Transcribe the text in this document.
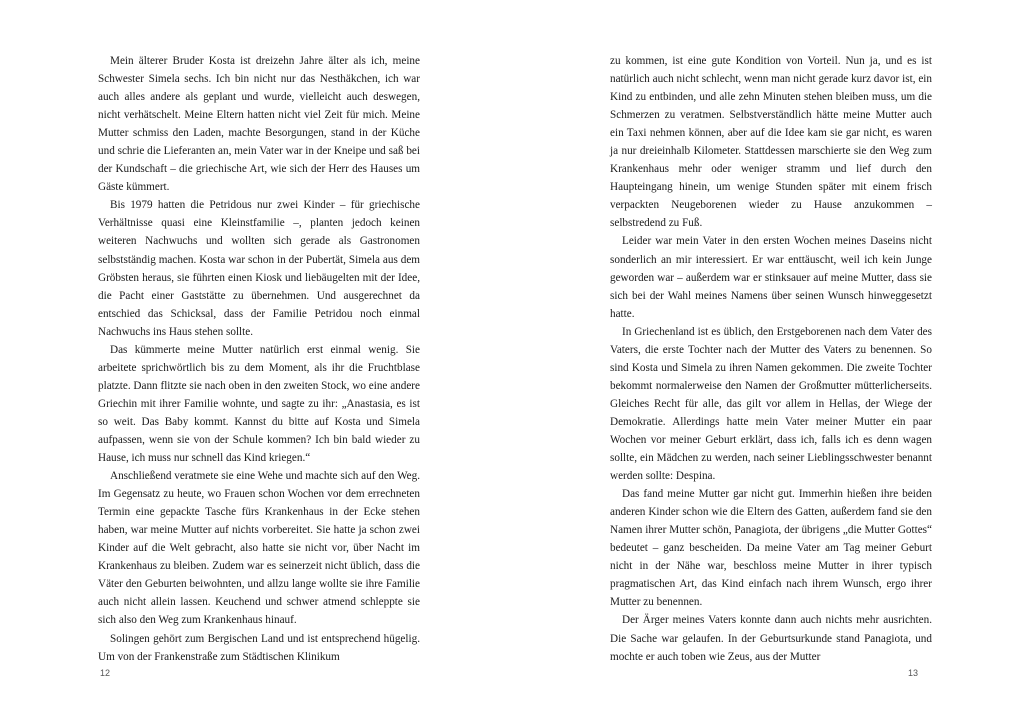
Mein älterer Bruder Kosta ist dreizehn Jahre älter als ich, meine Schwester Simela sechs. Ich bin nicht nur das Nesthäkchen, ich war auch alles andere als geplant und wurde, vielleicht auch deswegen, nicht verhätschelt. Meine Eltern hatten nicht viel Zeit für mich. Meine Mutter schmiss den Laden, machte Besorgungen, stand in der Küche und schrie die Lieferanten an, mein Vater war in der Kneipe und saß bei der Kundschaft – die griechische Art, wie sich der Herr des Hauses um Gäste kümmert.

Bis 1979 hatten die Petridous nur zwei Kinder – für griechische Verhältnisse quasi eine Kleinstfamilie –, planten jedoch keinen weiteren Nachwuchs und wollten sich gerade als Gastronomen selbstständig machen. Kosta war schon in der Pubertät, Simela aus dem Gröbsten heraus, sie führten einen Kiosk und liebäugelten mit der Idee, die Pacht einer Gaststätte zu übernehmen. Und ausgerechnet da entschied das Schicksal, dass der Familie Petridou noch einmal Nachwuchs ins Haus stehen sollte.

Das kümmerte meine Mutter natürlich erst einmal wenig. Sie arbeitete sprichwörtlich bis zu dem Moment, als ihr die Fruchtblase platzte. Dann flitzte sie nach oben in den zweiten Stock, wo eine andere Griechin mit ihrer Familie wohnte, und sagte zu ihr: „Anastasia, es ist so weit. Das Baby kommt. Kannst du bitte auf Kosta und Simela aufpassen, wenn sie von der Schule kommen? Ich bin bald wieder zu Hause, ich muss nur schnell das Kind kriegen.“

Anschließend veratmete sie eine Wehe und machte sich auf den Weg. Im Gegensatz zu heute, wo Frauen schon Wochen vor dem errechneten Termin eine gepackte Tasche fürs Krankenhaus in der Ecke stehen haben, war meine Mutter auf nichts vorbereitet. Sie hatte ja schon zwei Kinder auf die Welt gebracht, also hatte sie nicht vor, über Nacht im Krankenhaus zu bleiben. Zudem war es seinerzeit nicht üblich, dass die Väter den Geburten beiwohnten, und allzu lange wollte sie ihre Familie auch nicht allein lassen. Keuchend und schwer atmend schleppte sie sich also den Weg zum Krankenhaus hinauf.

Solingen gehört zum Bergischen Land und ist entsprechend hügelig. Um von der Frankenstraße zum Städtischen Klinikum

12

zu kommen, ist eine gute Kondition von Vorteil. Nun ja, und es ist natürlich auch nicht schlecht, wenn man nicht gerade kurz davor ist, ein Kind zu entbinden, und alle zehn Minuten stehen bleiben muss, um die Schmerzen zu veratmen. Selbstverständlich hätte meine Mutter auch ein Taxi nehmen können, aber auf die Idee kam sie gar nicht, es waren ja nur dreieinhalb Kilometer. Stattdessen marschierte sie den Weg zum Krankenhaus mehr oder weniger stramm und lief durch den Haupteingang hinein, um wenige Stunden später mit einem frisch verpackten Neugeborenen wieder zu Hause anzukommen – selbstredend zu Fuß.

Leider war mein Vater in den ersten Wochen meines Daseins nicht sonderlich an mir interessiert. Er war enttäuscht, weil ich kein Junge geworden war – außerdem war er stinksauer auf meine Mutter, dass sie sich bei der Wahl meines Namens über seinen Wunsch hinweggesetzt hatte.

In Griechenland ist es üblich, den Erstgeborenen nach dem Vater des Vaters, die erste Tochter nach der Mutter des Vaters zu benennen. So sind Kosta und Simela zu ihren Namen gekommen. Die zweite Tochter bekommt normalerweise den Namen der Großmutter mütterlicherseits. Gleiches Recht für alle, das gilt vor allem in Hellas, der Wiege der Demokratie. Allerdings hatte mein Vater meiner Mutter ein paar Wochen vor meiner Geburt erklärt, dass ich, falls ich es denn wagen sollte, ein Mädchen zu werden, nach seiner Lieblingsschwester benannt werden sollte: Despina.

Das fand meine Mutter gar nicht gut. Immerhin hießen ihre beiden anderen Kinder schon wie die Eltern des Gatten, außerdem fand sie den Namen ihrer Mutter schön, Panagiota, der übrigens „die Mutter Gottes“ bedeutet – ganz bescheiden. Da meine Vater am Tag meiner Geburt nicht in der Nähe war, beschloss meine Mutter in ihrer typisch pragmatischen Art, das Kind einfach nach ihrem Wunsch, ergo ihrer Mutter zu benennen.

Der Ärger meines Vaters konnte dann auch nichts mehr ausrichten. Die Sache war gelaufen. In der Geburtsurkunde stand Panagiota, und mochte er auch toben wie Zeus, aus der Mutter

13
